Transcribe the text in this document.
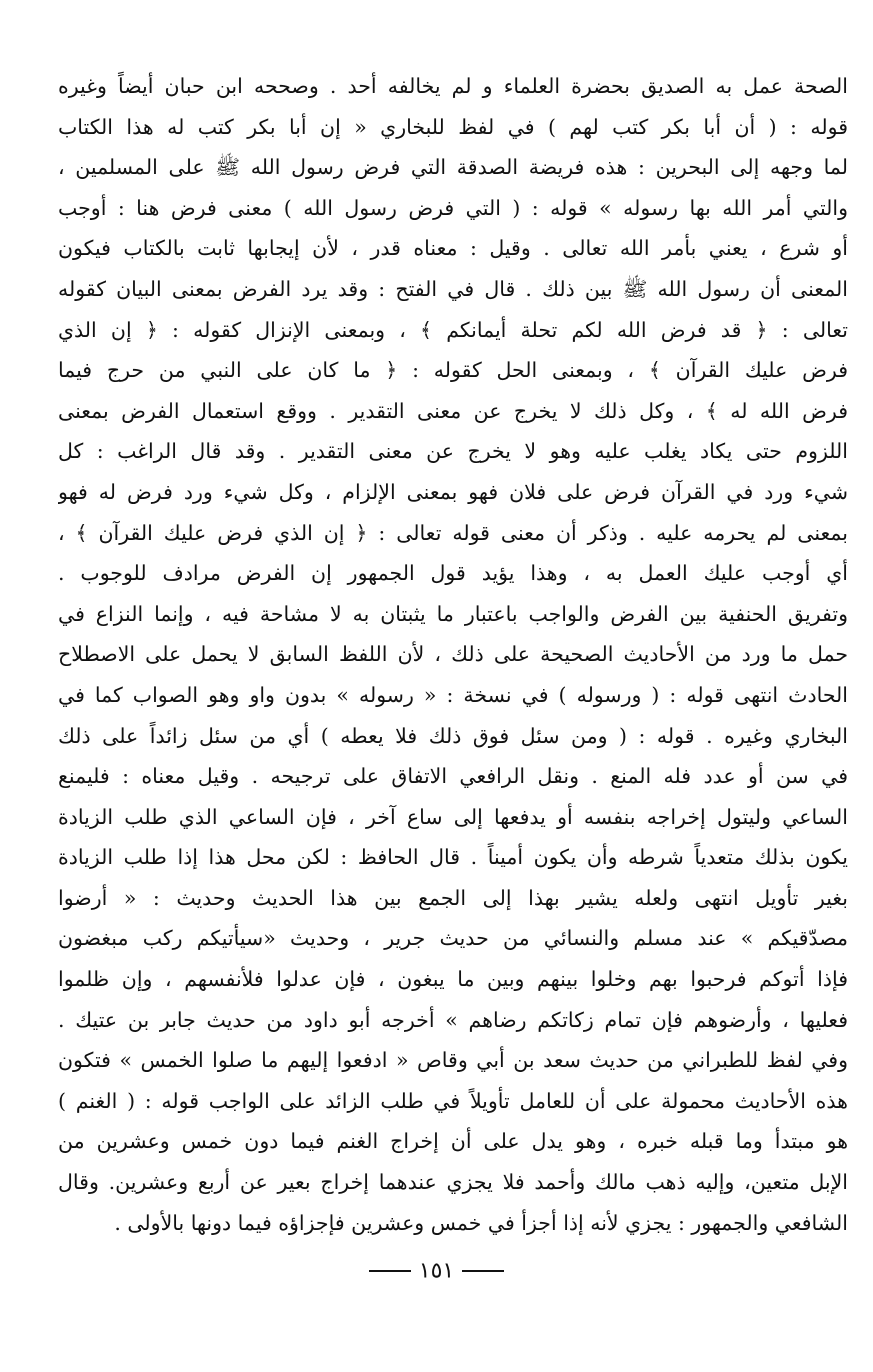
الصحة عمل به الصديق بحضرة العلماء و لم يخالفه أحد . وصححه ابن حبان أيضاً وغيره
قوله : ( أن أبا بكر كتب لهم ) في لفظ للبخاري « إن أبا بكر كتب له هذا الكتاب
لما وجهه إلى البحرين : هذه فريضة الصدقة التي فرض رسول الله ﷺ على المسلمين ،
والتي أمر الله بها رسوله » قوله : ( التي فرض رسول الله ) معنى فرض هنا : أوجب
أو شرع ، يعني بأمر الله تعالى . وقيل : معناه قدر ، لأن إيجابها ثابت بالكتاب فيكون
المعنى أن رسول الله ﷺ بين ذلك . قال في الفتح : وقد يرد الفرض بمعنى البيان كقوله
تعالى : ﴿ قد فرض الله لكم تحلة أيمانكم ﴾ ، وبمعنى الإنزال كقوله : ﴿ إن الذي
فرض عليك القرآن ﴾ ، وبمعنى الحل كقوله : ﴿ ما كان على النبي من حرج فيما
فرض الله له ﴾ ، وكل ذلك لا يخرج عن معنى التقدير . ووقع استعمال الفرض بمعنى
اللزوم حتى يكاد يغلب عليه وهو لا يخرج عن معنى التقدير . وقد قال الراغب : كل
شيء ورد في القرآن فرض على فلان فهو بمعنى الإلزام ، وكل شيء ورد فرض له فهو
بمعنى لم يحرمه عليه . وذكر أن معنى قوله تعالى : ﴿ إن الذي فرض عليك القرآن ﴾ ،
أي أوجب عليك العمل به ، وهذا يؤيد قول الجمهور إن الفرض مرادف للوجوب .
وتفريق الحنفية بين الفرض والواجب باعتبار ما يثبتان به لا مشاحة فيه ، وإنما النزاع في
حمل ما ورد من الأحاديث الصحيحة على ذلك ، لأن اللفظ السابق لا يحمل على الاصطلاح
الحادث انتهى قوله : ( ورسوله ) في نسخة : « رسوله » بدون واو وهو الصواب كما في
البخاري وغيره . قوله : ( ومن سئل فوق ذلك فلا يعطه ) أي من سئل زائداً على ذلك
في سن أو عدد فله المنع . ونقل الرافعي الاتفاق على ترجيحه . وقيل معناه : فليمنع
الساعي وليتول إخراجه بنفسه أو يدفعها إلى ساع آخر ، فإن الساعي الذي طلب الزيادة
يكون بذلك متعدياً شرطه وأن يكون أميناً . قال الحافظ : لكن محل هذا إذا طلب الزيادة
بغير تأويل انتهى ولعله يشير بهذا إلى الجمع بين هذا الحديث وحديث : « أرضوا
مصدّقيكم » عند مسلم والنسائي من حديث جرير ، وحديث «سيأتيكم ركب مبغضون
فإذا أتوكم فرحبوا بهم وخلوا بينهم وبين ما يبغون ، فإن عدلوا فلأنفسهم ، وإن ظلموا
فعليها ، وأرضوهم فإن تمام زكاتكم رضاهم » أخرجه أبو داود من حديث جابر بن عتيك .
وفي لفظ للطبراني من حديث سعد بن أبي وقاص « ادفعوا إليهم ما صلوا الخمس » فتكون
هذه الأحاديث محمولة على أن للعامل تأويلاً في طلب الزائد على الواجب قوله : ( الغنم )
هو مبتدأ وما قبله خبره ، وهو يدل على أن إخراج الغنم فيما دون خمس وعشرين من
الإبل متعين، وإليه ذهب مالك وأحمد فلا يجزي عندهما إخراج بعير عن أربع وعشرين. وقال
الشافعي والجمهور : يجزي لأنه إذا أجزأ في خمس وعشرين فإجزاؤه فيما دونها بالأولى .
١٥١
